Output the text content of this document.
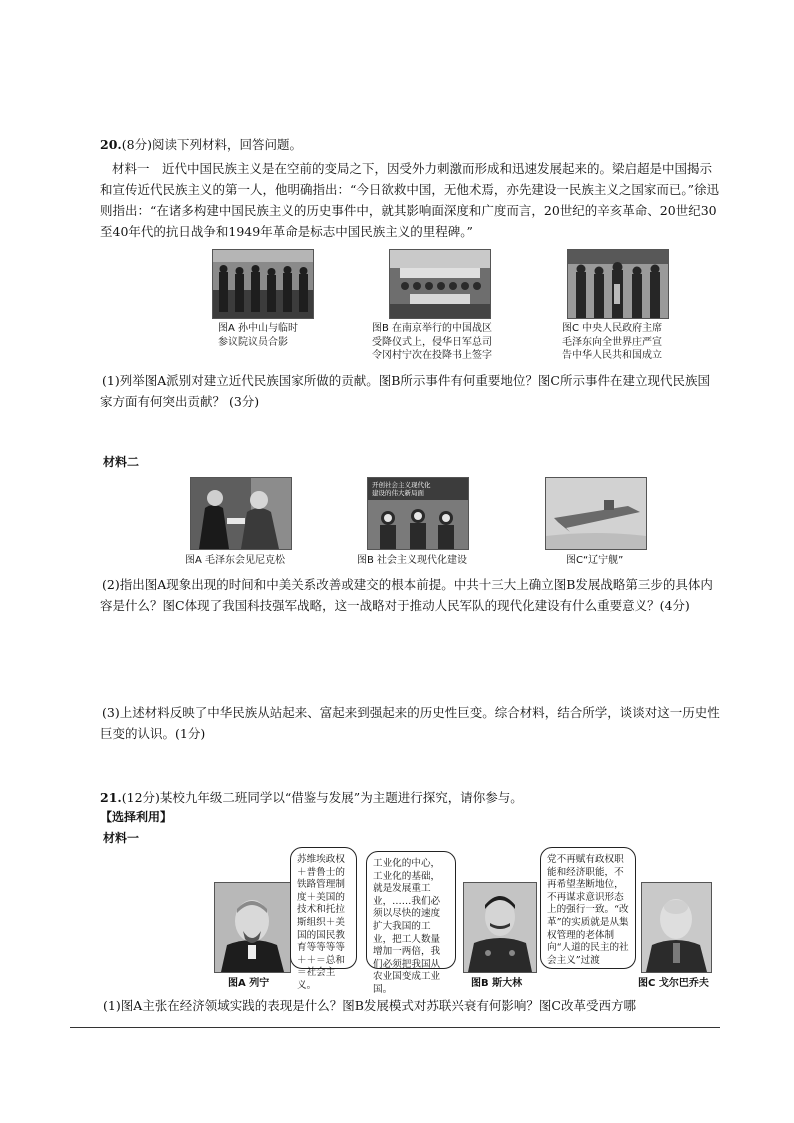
20.(8分)阅读下列材料，回答问题。
材料一　 近代中国民族主义是在空前的变局之下，因受外力刺激而形成和迅速发展起来的。梁启超是中国揭示和宣传近代民族主义的第一人，他明确指出：“今日欲救中国，无他术焉，亦先建设一民族主义之国家而已。”徐迅则指出：“在诸多构建中国民族主义的历史事件中，就其影响面深度和广度而言，20世纪的辛亥革命、20世纪30至40年代的抗日战争和1949年革命是标志中国民族主义的里程碑。”
图A 孙中山与临时
参议院议员合影
图B 在南京举行的中国战区
受降仪式上，侵华日军总司
令冈村宁次在投降书上签字
图C 中央人民政府主席
毛泽东向全世界庄严宣
告中华人民共和国成立
(1)列举图A派别对建立近代民族国家所做的贡献。图B所示事件有何重要地位？图C所示事件在建立现代民族国家方面有何突出贡献？ (3分)
材料二
开创社会主义现代化
建设的伟大新局面
图A 毛泽东会见尼克松	图B 社会主义现代化建设	图C“辽宁舰”
(2)指出图A现象出现的时间和中美关系改善或建交的根本前提。中共十三大上确立图B发展战略第三步的具体内容是什么？图C体现了我国科技强军战略，这一战略对于推动人民军队的现代化建设有什么重要意义？(4分)
(3)上述材料反映了中华民族从站起来、富起来到强起来的历史性巨变。综合材料，结合所学，谈谈对这一历史性巨变的认识。(1分)
21.(12分)某校九年级二班同学以“借鉴与发展”为主题进行探究，请你参与。
【选择利用】
材料一
苏维埃政权＋普鲁士的铁路管理制度＋美国的技术和托拉斯组织＋美国的国民教育等等等等＋＋＝总和＝社会主义。
工业化的中心，工业化的基础，就是发展重工业，……我们必须以尽快的速度扩大我国的工业，把工人数量增加一两倍，我们必须把我国从农业国变成工业国。
党不再赋有政权职能和经济职能，不再希望垄断地位，不再谋求意识形态上的强行一致。“改革”的实质就是从集权管理的老体制向“人道的民主的社会主义”过渡
图A 列宁	图B 斯大林	图C 戈尔巴乔夫
(1)图A主张在经济领域实践的表现是什么？图B发展模式对苏联兴衰有何影响？图C改革受西方哪
